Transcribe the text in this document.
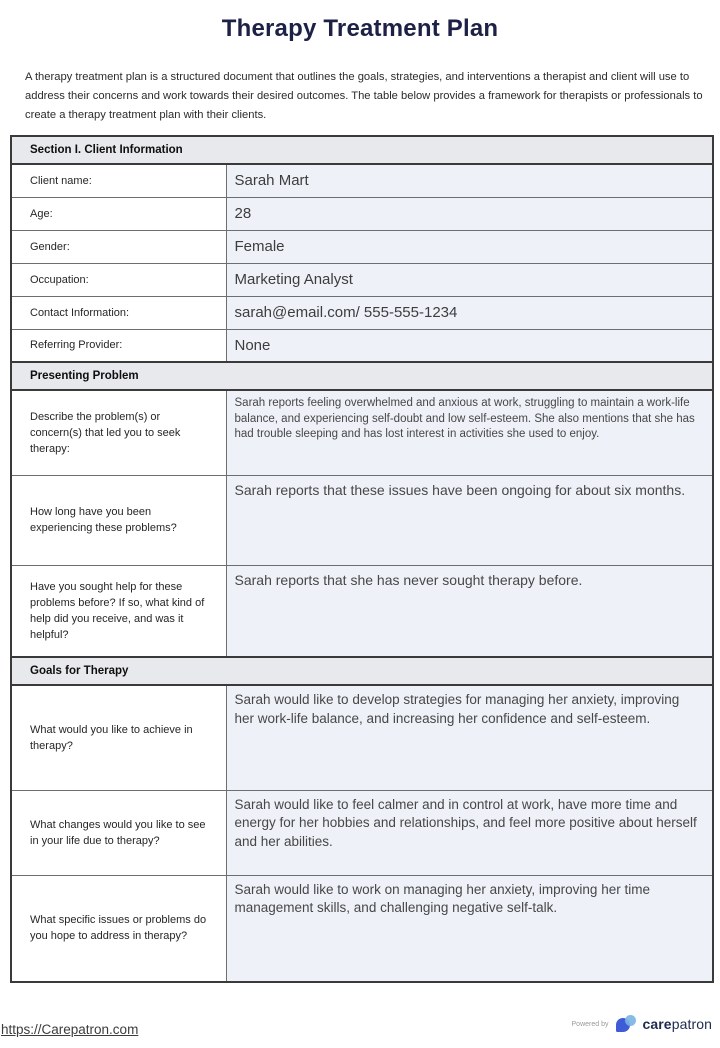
Therapy Treatment Plan

A therapy treatment plan is a structured document that outlines the goals, strategies, and interventions a therapist and client will use to address their concerns and work towards their desired outcomes. The table below provides a framework for therapists or professionals to create a therapy treatment plan with their clients.

Section I. Client Information	
Client name:	Sarah Mart
Age:	28
Gender:	Female
Occupation:	Marketing Analyst
Contact Information:	sarah@email.com/ 555-555-1234
Referring Provider:	None
Presenting Problem	
Describe the problem(s) or concern(s) that led you to seek therapy:	Sarah reports feeling overwhelmed and anxious at work, struggling to maintain a work-life balance, and experiencing self-doubt and low self-esteem. She also mentions that she has had trouble sleeping and has lost interest in activities she used to enjoy.
How long have you been experiencing these problems?	Sarah reports that these issues have been ongoing for about six months.
Have you sought help for these problems before? If so, what kind of help did you receive, and was it helpful?	Sarah reports that she has never sought therapy before.
Goals for Therapy	
What would you like to achieve in therapy?	Sarah would like to develop strategies for managing her anxiety, improving her work-life balance, and increasing her confidence and self-esteem.
What changes would you like to see in your life due to therapy?	Sarah would like to feel calmer and in control at work, have more time and energy for her hobbies and relationships, and feel more positive about herself and her abilities.
What specific issues or problems do you hope to address in therapy?	Sarah would like to work on managing her anxiety, improving her time management skills, and challenging negative self-talk.
https://Carepatron.com	Powered by carepatron
